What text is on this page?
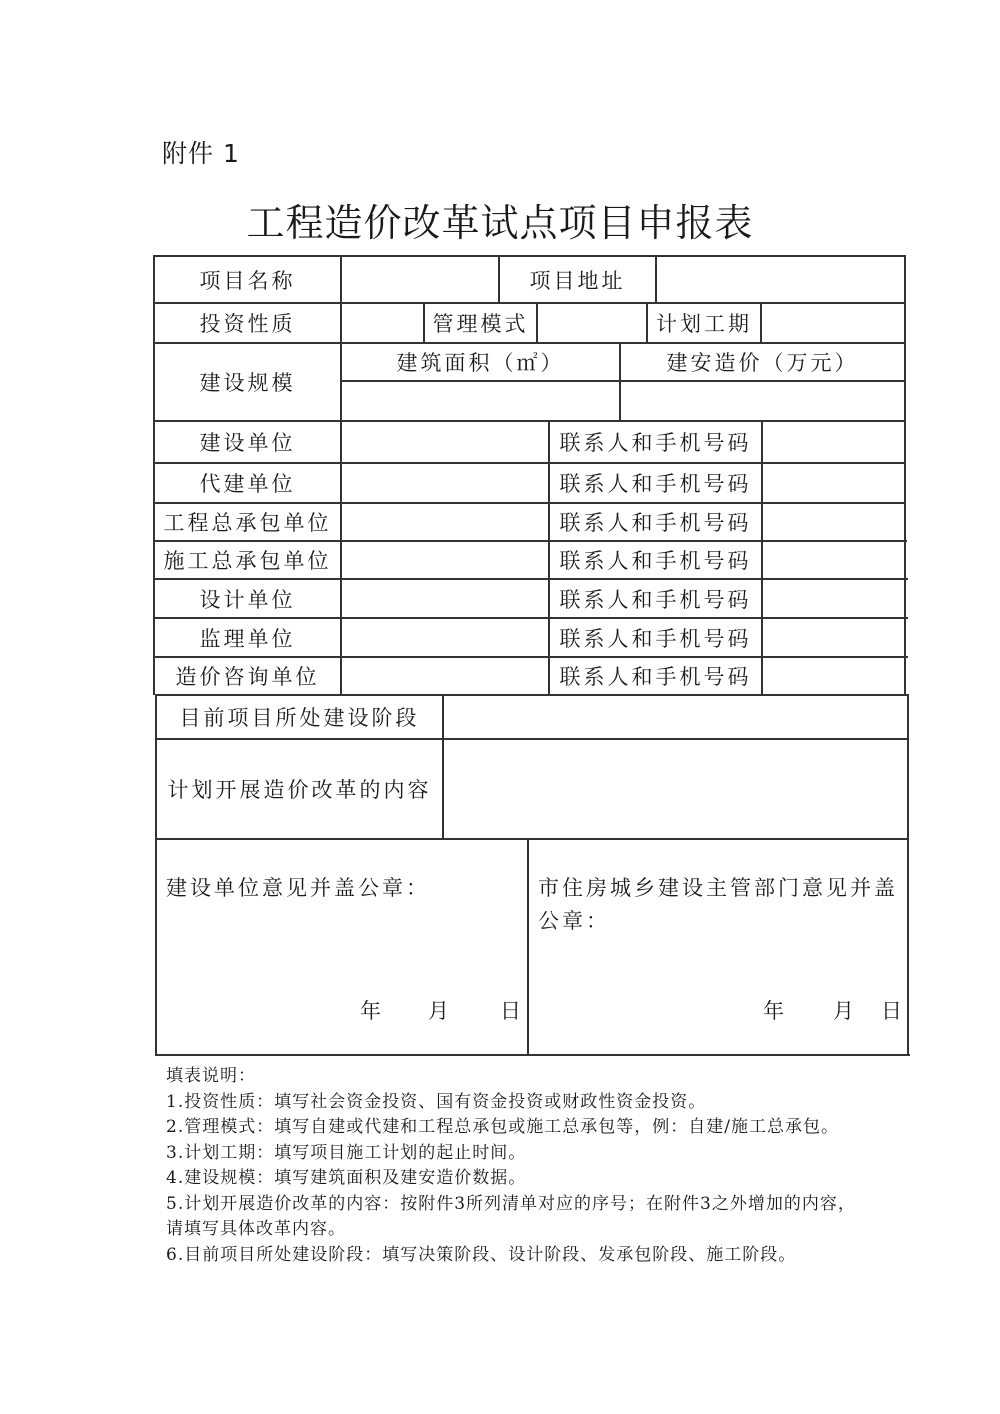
附件 1
工程造价改革试点项目申报表
项目名称	项目地址
投资性质	管理模式	计划工期
建设规模
建筑面积（㎡）	建安造价（万元）
建设单位	联系人和手机号码
代建单位	联系人和手机号码
工程总承包单位	联系人和手机号码
施工总承包单位	联系人和手机号码
设计单位	联系人和手机号码
监理单位	联系人和手机号码
造价咨询单位	联系人和手机号码
目前项目所处建设阶段
计划开展造价改革的内容
建设单位意见并盖公章：	市住房城乡建设主管部门意见并盖公章：
年 月 日	年 月 日
填表说明：
1.投资性质：填写社会资金投资、国有资金投资或财政性资金投资。
2.管理模式：填写自建或代建和工程总承包或施工总承包等，例：自建/施工总承包。
3.计划工期：填写项目施工计划的起止时间。
4.建设规模：填写建筑面积及建安造价数据。
5.计划开展造价改革的内容：按附件3所列清单对应的序号；在附件3之外增加的内容，请填写具体改革内容。
6.目前项目所处建设阶段：填写决策阶段、设计阶段、发承包阶段、施工阶段。
